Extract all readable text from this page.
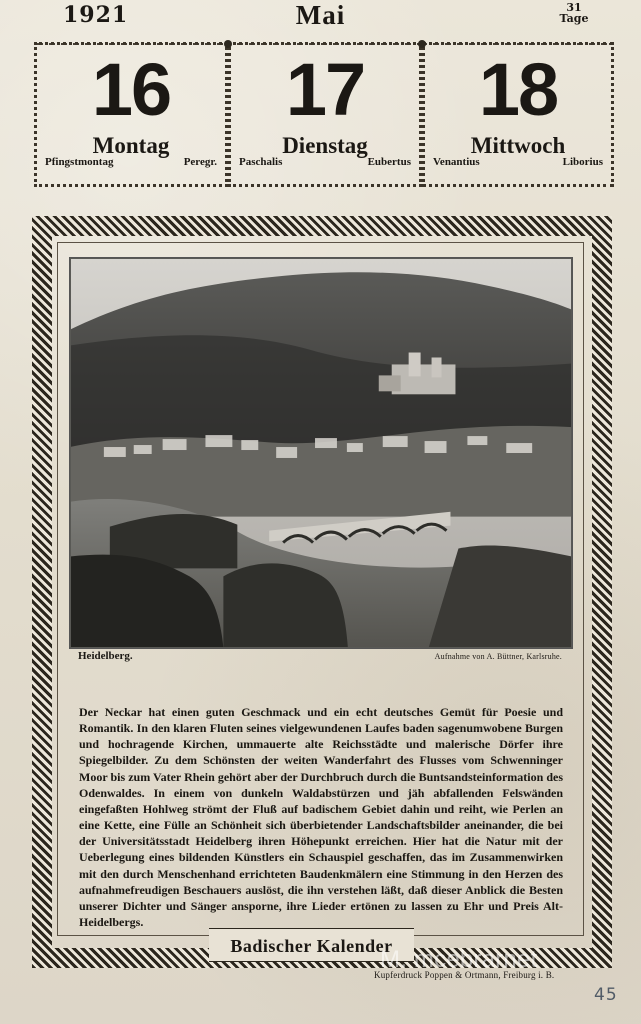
1921	Mai	31
Tage
16
Montag
Pfingstmontag	Peregr.
17
Dienstag
Paschalis	Eubertus
18
Mittwoch
Venantius	Liborius
Heidelberg.	Aufnahme von A. Büttner, Karlsruhe.
Der Neckar hat einen guten Geschmack und ein echt deutsches Gemüt für Poesie und Romantik. In den klaren Fluten seines vielgewundenen Laufes baden sagenumwobene Burgen und hochragende Kirchen, ummauerte alte Reichsstädte und malerische Dörfer ihre Spiegelbilder. Zu dem Schönsten der weiten Wanderfahrt des Flusses vom Schwenninger Moor bis zum Vater Rhein gehört aber der Durchbruch durch die Buntsandsteinformation des Odenwaldes. In einem von dunkeln Waldabstürzen und jäh abfallenden Felswänden eingefaßten Hohlweg strömt der Fluß auf badischem Gebiet dahin und reiht, wie Perlen an eine Kette, eine Fülle an Schönheit sich überbietender Landschaftsbilder aneinander, die bei der Universitätsstadt Heidelberg ihren Höhepunkt erreichen. Hier hat die Natur mit der Ueberlegung eines bildenden Künstlers ein Schauspiel geschaffen, das im Zusammenwirken mit den durch Menschenhand errichteten Baudenkmälern eine Stimmung in den Herzen des aufnahmefreudigen Beschauers auslöst, die ihn verstehen läßt, daß dieser Anblick die Besten unserer Dichter und Sänger ansporne, ihre Lieder ertönen zu lassen zu Ehr und Preis Alt-Heidelbergs.
Badischer Kalender
Kupferdruck Poppen & Ortmann, Freiburg i. B.
M. mcebrarnet
45
